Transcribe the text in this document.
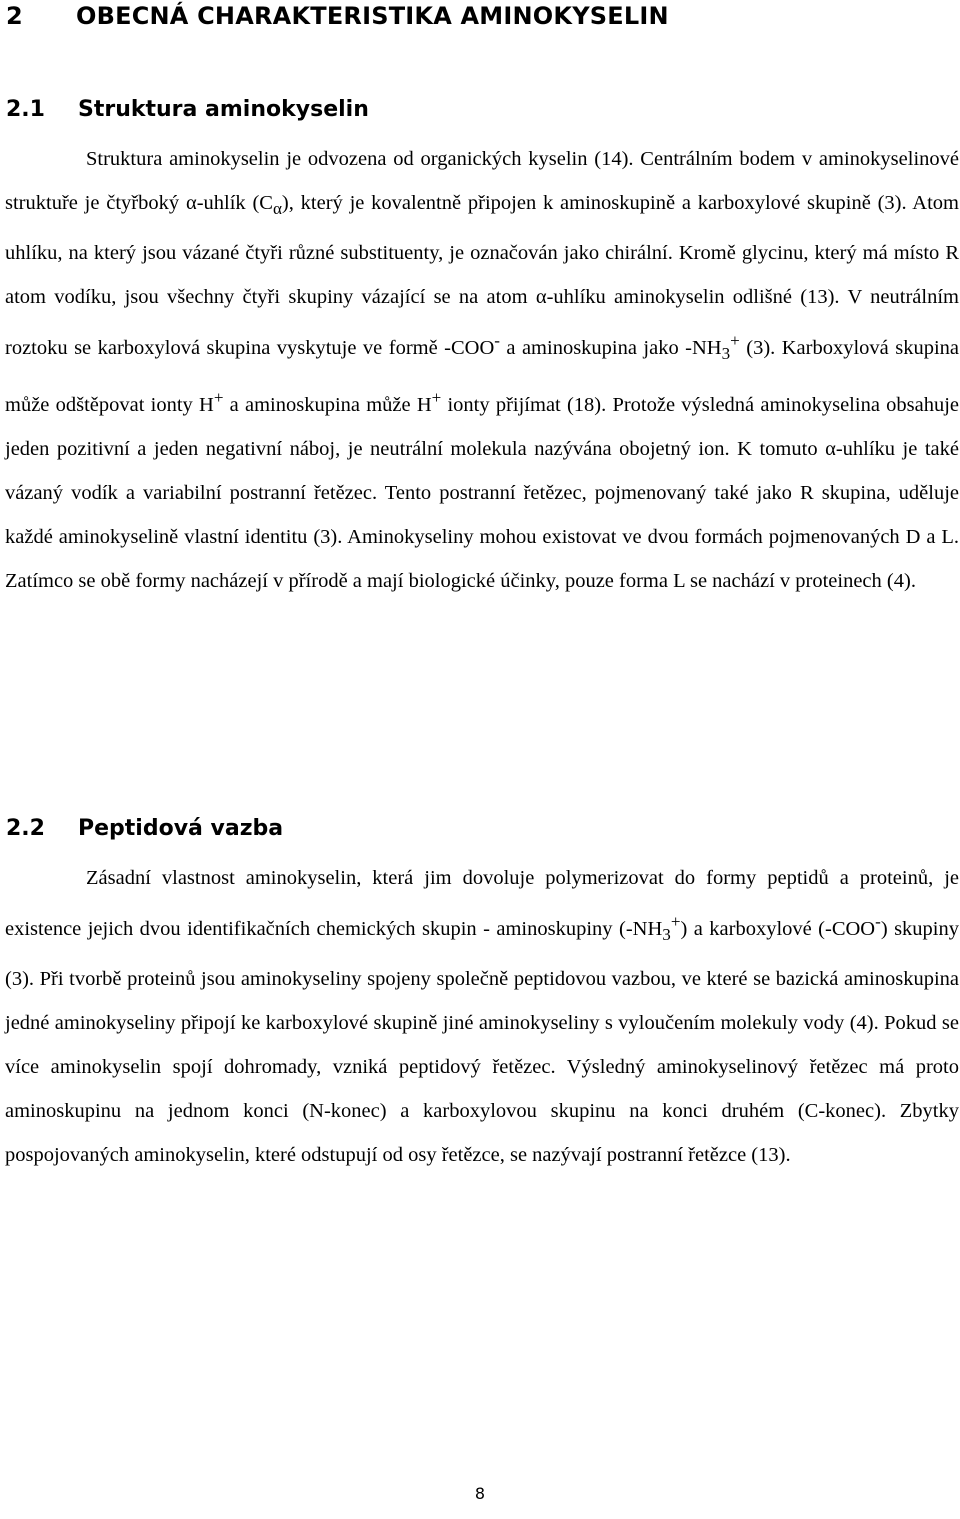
2 OBECNÁ CHARAKTERISTIKA AMINOKYSELIN
2.1 Struktura aminokyselin

Struktura aminokyselin je odvozena od organických kyselin (14). Centrálním bodem v aminokyselinové struktuře je čtyřboký α-uhlík $(C_\alpha)$, který je kovalentně připojen k aminoskupině a karboxylové skupině (3). Atom uhlíku, na který jsou vázané čtyři různé substituenty, je označován jako chirální. Kromě glycinu, který má místo R atom vodíku, jsou všechny čtyři skupiny vázající se na atom α-uhlíku aminokyselin odlišné (13). V neutrálním roztoku se karboxylová skupina vyskytuje ve formě -COO- a aminoskupina jako $-NH_3^+$ (3). Karboxylová skupina může odštěpovat ionty H+ a aminoskupina může H+ ionty přijímat (18). Protože výsledná aminokyselina obsahuje jeden pozitivní a jeden negativní náboj, je neutrální molekula nazývána obojetný ion. K tomuto α-uhlíku je také vázaný vodík a variabilní postranní řetězec. Tento postranní řetězec, pojmenovaný také jako R skupina, uděluje každé aminokyselině vlastní identitu (3). Aminokyseliny mohou existovat ve dvou formách pojmenovaných D a L. Zatímco se obě formy nacházejí v přírodě a mají biologické účinky, pouze forma L se nachází v proteinech (4).

2.2 Peptidová vazba

Zásadní vlastnost aminokyselin, která jim dovoluje polymerizovat do formy peptidů a proteinů, je existence jejich dvou identifikačních chemických skupin - aminoskupiny $(-NH_3^+)$ a karboxylové (-COO-) skupiny (3). Při tvorbě proteinů jsou aminokyseliny spojeny společně peptidovou vazbou, ve které se bazická aminoskupina jedné aminokyseliny připojí ke karboxylové skupině jiné aminokyseliny s vyloučením molekuly vody (4). Pokud se více aminokyselin spojí dohromady, vzniká peptidový řetězec. Výsledný aminokyselinový řetězec má proto aminoskupinu na jednom konci (N-konec) a karboxylovou skupinu na konci druhém (C-konec). Zbytky pospojovaných aminokyselin, které odstupují od osy řetězce, se nazývají postranní řetězce (13).

8
